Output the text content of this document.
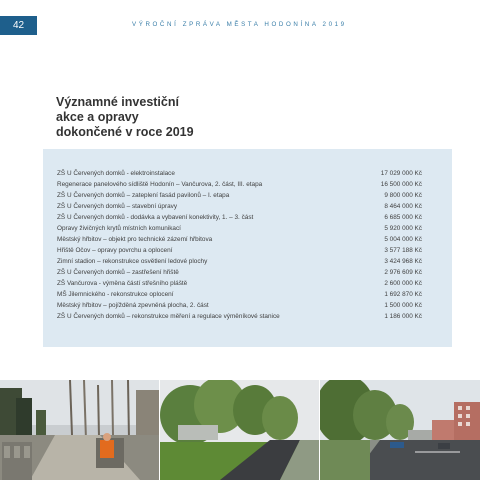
42	VÝROČNÍ ZPRÁVA MĚSTA HODONÍNA 2019
Významné investiční
akce a opravy
dokončené v roce 2019
ZŠ U Červených domků - elektroinstalace	17 029 000 Kč
Regenerace panelového sídliště Hodonín – Vančurova, 2. část, III. etapa	16 500 000 Kč
ZŠ U Červených domků – zateplení fasád pavilonů – I. etapa	9 800 000 Kč
ZŠ U Červených domků – stavební úpravy	8 464 000 Kč
ZŠ U Červených domků - dodávka a vybavení konektivity, 1. – 3. část	6 685 000 Kč
Opravy živičných krytů místních komunikací	5 920 000 Kč
Městský hřbitov – objekt pro technické zázemí hřbitova	5 004 000 Kč
Hřiště Očov – opravy povrchu a oplocení	3 577 188 Kč
Zimní stadion – rekonstrukce osvětlení ledové plochy	3 424 968 Kč
ZŠ U Červených domků – zastřešení hřiště	2 976 609 Kč
ZŠ Vančurova - výměna částí střešního pláště	2 600 000 Kč
MŠ Jilemnického - rekonstrukce oplocení	1 692 870 Kč
Městský hřbitov – pojížděná zpevněná plocha, 2. část	1 500 000 Kč
ZŠ U Červených domků – rekonstrukce měření a regulace výměníkové stanice	1 186 000 Kč
